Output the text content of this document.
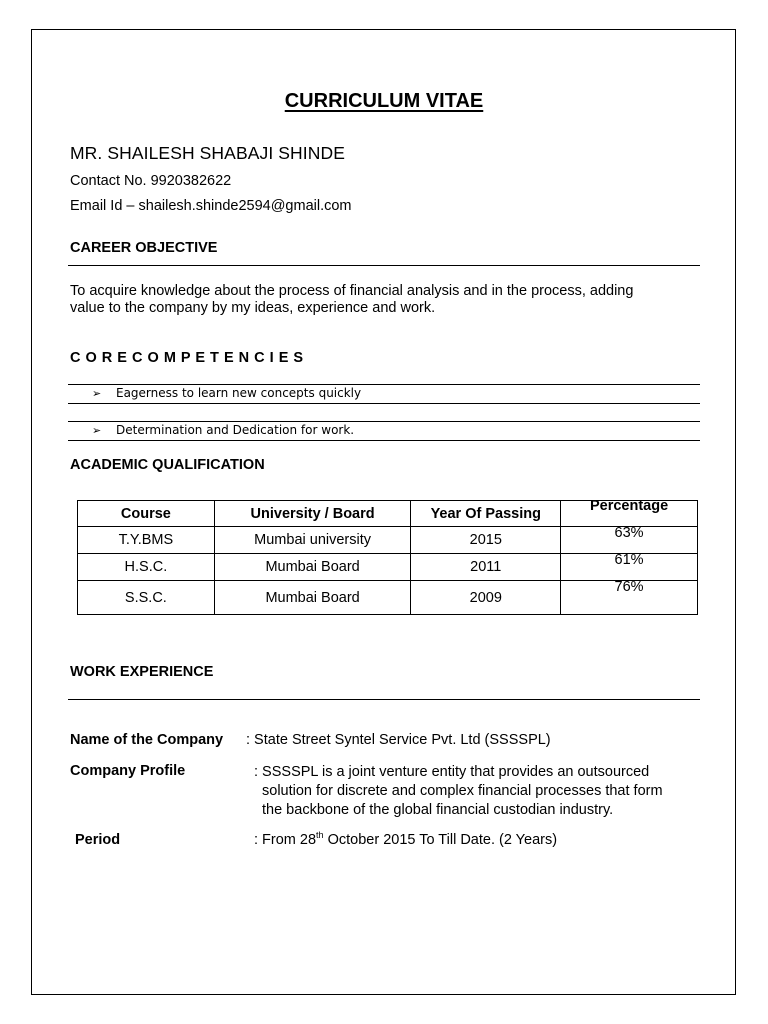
CURRICULUM VITAE
MR. SHAILESH SHABAJI SHINDE
Contact No. 9920382622
Email Id – shailesh.shinde2594@gmail.com
CAREER OBJECTIVE
To acquire knowledge about the process of financial analysis and in the process, adding
value to the company by my ideas, experience and work.
C O R E C O M P E T E N C I E S
➢ Eagerness to learn new concepts quickly
➢ Determination and Dedication for work.
ACADEMIC QUALIFICATION
Course	University / Board	Year Of Passing	Percentage
T.Y.BMS	Mumbai university	2015	63%
H.S.C.	Mumbai Board	2011	61%
S.S.C.	Mumbai Board	2009	76%
WORK EXPERIENCE
Name of the Company : State Street Syntel Service Pvt. Ltd (SSSSPL)
Company Profile	: SSSSPL is a joint venture entity that provides an outsourced
solution for discrete and complex financial processes that form
the backbone of the global financial custodian industry.
Period	: From 28th October 2015 To Till Date. (2 Years)
